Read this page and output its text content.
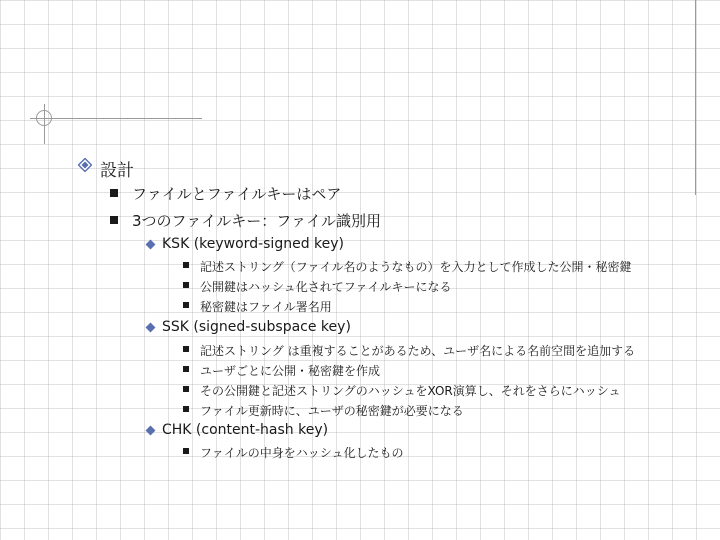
設計
ファイルとファイルキーはペア
3つのファイルキー：ファイル識別用
KSK (keyword-signed key)
記述ストリング（ファイル名のようなもの）を入力として作成した公開・秘密鍵
公開鍵はハッシュ化されてファイルキーになる
秘密鍵はファイル署名用
SSK (signed-subspace key)
記述ストリング は重複することがあるため、ユーザ名による名前空間を追加する
ユーザごとに公開・秘密鍵を作成
その公開鍵と記述ストリングのハッシュをXOR演算し、それをさらにハッシュ
ファイル更新時に、ユーザの秘密鍵が必要になる
CHK (content-hash key)
ファイルの中身をハッシュ化したもの
